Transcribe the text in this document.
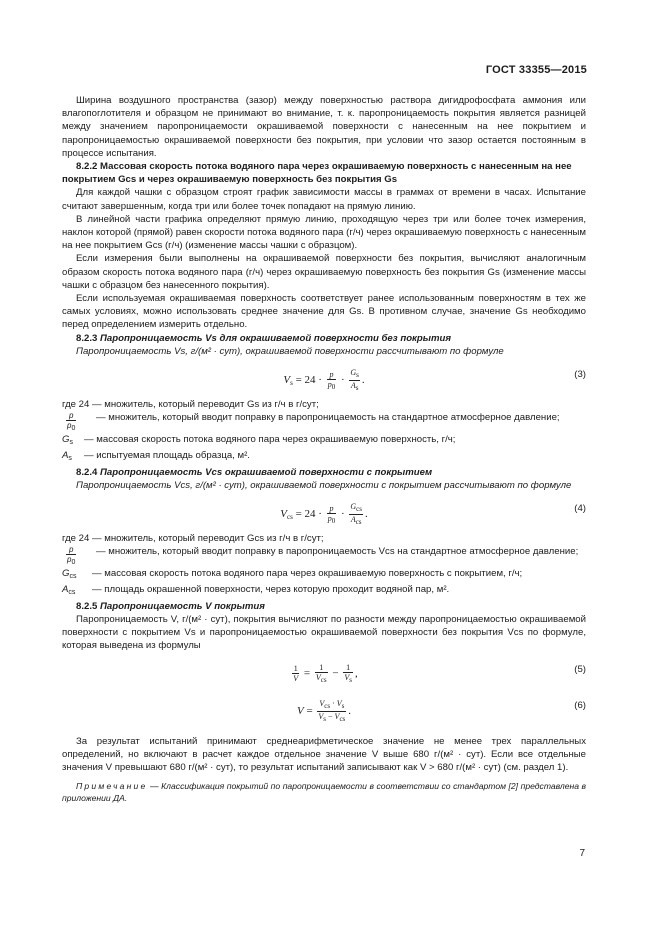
ГОСТ 33355—2015

Ширина воздушного пространства (зазор) между поверхностью раствора дигидрофосфата аммония или влагопоглотителя и образцом не принимают во внимание, т. к. паропроницаемость покрытия является разницей между значением паропроницаемости окрашиваемой поверхности с нанесенным на нее покрытием и паропроницаемостью окрашиваемой поверхности без покрытия, при условии что зазор остается постоянным в процессе испытания.

8.2.2 Массовая скорость потока водяного пара через окрашиваемую поверхность с нанесенным на нее покрытием Gcs и через окрашиваемую поверхность без покрытия Gs

Для каждой чашки с образцом строят график зависимости массы в граммах от времени в часах. Испытание считают завершенным, когда три или более точек попадают на прямую линию.

В линейной части графика определяют прямую линию, проходящую через три или более точек измерения, наклон которой (прямой) равен скорости потока водяного пара (г/ч) через окрашиваемую поверхность с нанесенным на нее покрытием Gcs (г/ч) (изменение массы чашки с образцом).

Если измерения были выполнены на окрашиваемой поверхности без покрытия, вычисляют аналогичным образом скорость потока водяного пара (г/ч) через окрашиваемую поверхность без покрытия Gs (изменение массы чашки с образцом без нанесенного покрытия).

Если используемая окрашиваемая поверхность соответствует ранее использованным поверхностям в тех же самых условиях, можно использовать среднее значение для Gs. В противном случае, значение Gs необходимо перед определением измерить отдельно.

8.2.3 Паропроницаемость Vs для окрашиваемой поверхности без покрытия

Паропроницаемость Vs, г/(м² · сут), окрашиваемой поверхности рассчитывают по формуле

$V_s = 24 \cdot \frac{p}{p0} \cdot \frac{Gs}{As}$ .	(3)

где 24 — множитель, который переводит Gs из г/ч в г/сут;

$\frac{p}{p0}$ — множитель, который вводит поправку в паропроницаемость на стандартное атмосферное давление;
$G_s$	— массовая скорость потока водяного пара через окрашиваемую поверхность, г/ч;
$A_s$	— испытуемая площадь образца, м².

8.2.4 Паропроницаемость Vcs окрашиваемой поверхности с покрытием

Паропроницаемость Vcs, г/(м² · сут), окрашиваемой поверхности с покрытием рассчитывают по формуле

$V_{cs} = 24 \cdot \frac{p}{p0} \cdot \frac{\text{Gcs}}{\text{Acs}}$ .	(4)

где 24 — множитель, который переводит Gcs из г/ч в г/сут;

$\frac{p}{p0}$ — множитель, который вводит поправку в паропроницаемость Vcs на стандартное атмосферное давление;
$G_{cs}$	— массовая скорость потока водяного пара через окрашиваемую поверхность с покрытием, г/ч;
$A_{cs}$	— площадь окрашенной поверхности, через которую проходит водяной пар, м².

8.2.5 Паропроницаемость V покрытия

Паропроницаемость V, г/(м² · сут), покрытия вычисляют по разности между паропроницаемостью окрашиваемой поверхности с покрытием Vs и паропроницаемостью окрашиваемой поверхности без покрытия Vcs по формуле, которая выведена из формулы

$\frac{1}{V} = \frac{1}{\text{Vcs}} - \frac{1}{Vs}$ ,	(5)
$V = \frac{\text{Vcs · Vs}}{\text{Vs − Vcs}}$ .	(6)

За результат испытаний принимают среднеарифметическое значение не менее трех параллельных определений, но включают в расчет каждое отдельное значение V выше 680 г/(м² · сут). Если все отдельные значения V превышают 680 г/(м² · сут), то результат испытаний записывают как V > 680 г/(м² · сут) (см. раздел 1).

Примечание — Классификация покрытий по паропроницаемости в соответствии со стандартом [2] представлена в приложении ДА.

7
